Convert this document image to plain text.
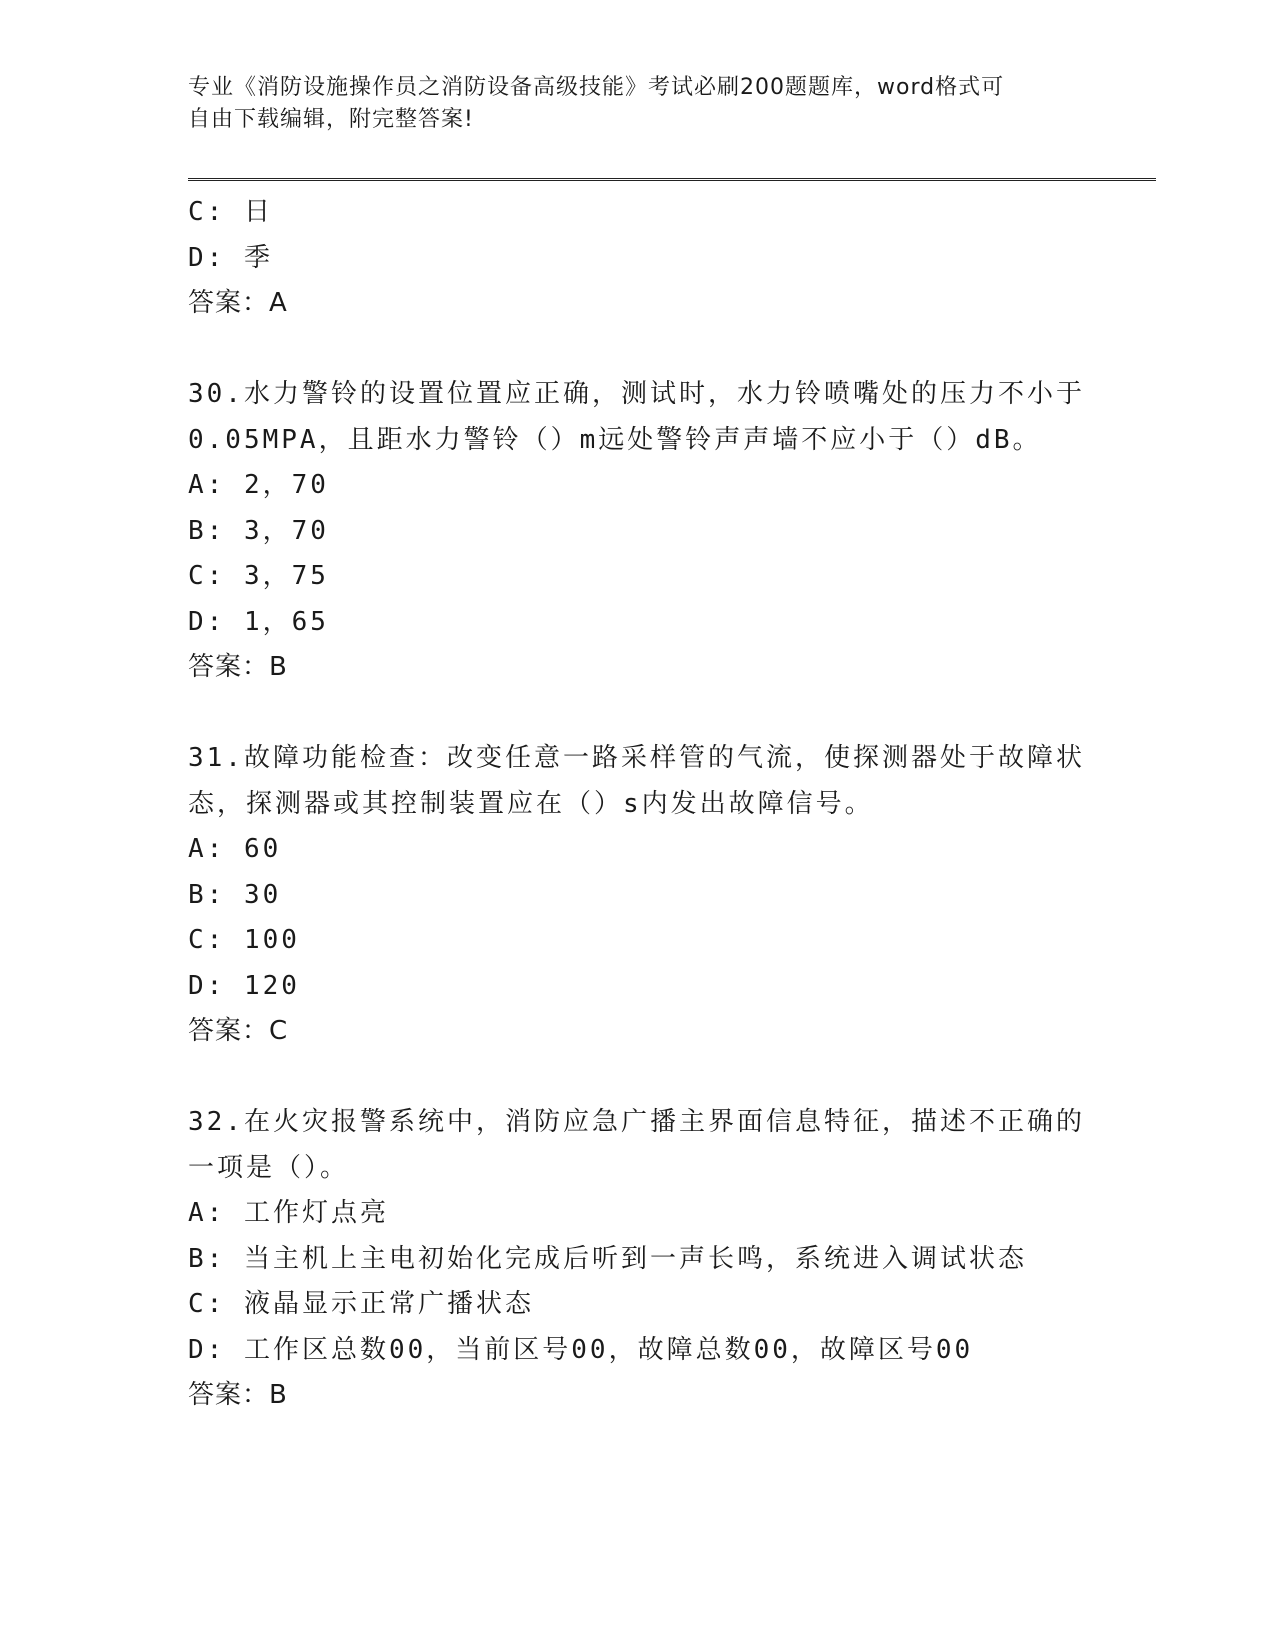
专业《消防设施操作员之消防设备高级技能》考试必刷200题题库，word格式可
自由下载编辑，附完整答案!
C: 日
D: 季
答案：A
30.水力警铃的设置位置应正确，测试时，水力铃喷嘴处的压力不小于
0.05MPA，且距水力警铃（）m远处警铃声声墙不应小于（）dB。
A: 2，70
B: 3，70
C: 3，75
D: 1，65
答案：B
31.故障功能检查：改变任意一路采样管的气流，使探测器处于故障状
态，探测器或其控制装置应在（）s内发出故障信号。
A: 60
B: 30
C: 100
D: 120
答案：C
32.在火灾报警系统中，消防应急广播主界面信息特征，描述不正确的
一项是（）。
A: 工作灯点亮
B: 当主机上主电初始化完成后听到一声长鸣，系统进入调试状态
C: 液晶显示正常广播状态
D: 工作区总数00，当前区号00，故障总数00，故障区号00
答案：B
